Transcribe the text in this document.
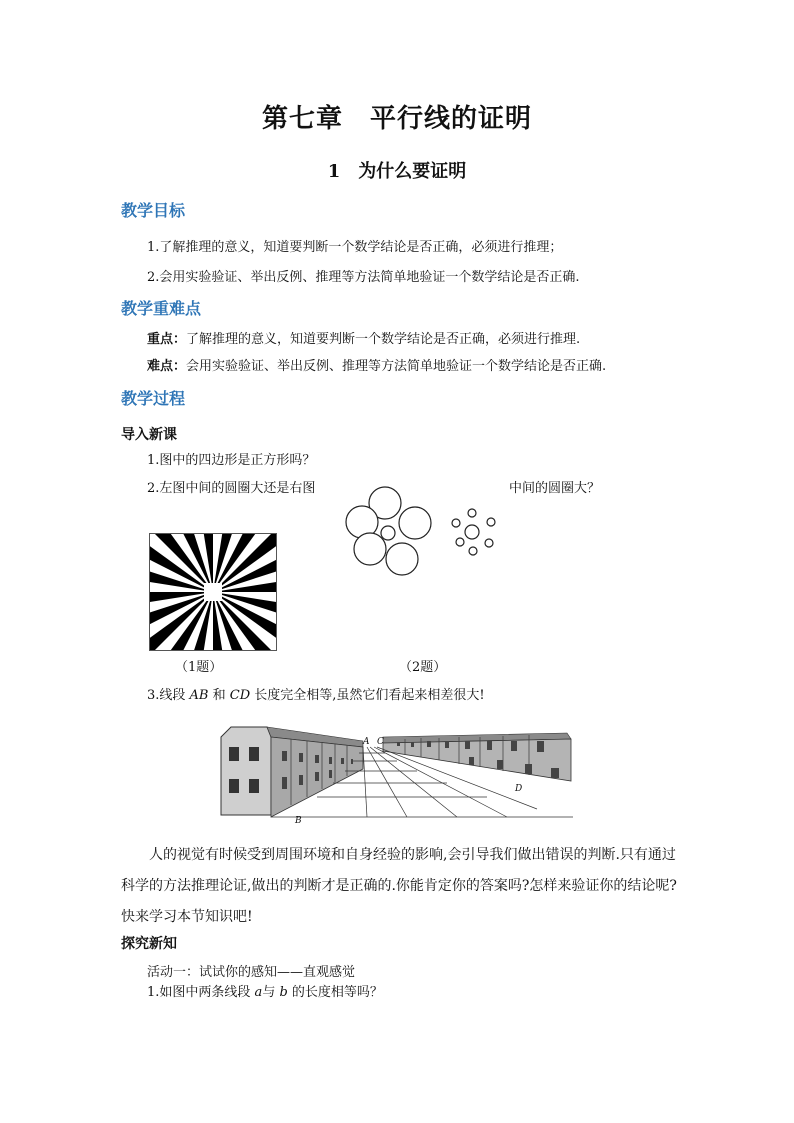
第七章　平行线的证明
1　为什么要证明
教学目标
1.了解推理的意义，知道要判断一个数学结论是否正确，必须进行推理；
2.会用实验验证、举出反例、推理等方法简单地验证一个数学结论是否正确.
教学重难点
重点：了解推理的意义，知道要判断一个数学结论是否正确，必须进行推理.
难点：会用实验验证、举出反例、推理等方法简单地验证一个数学结论是否正确.
教学过程
导入新课
1.图中的四边形是正方形吗？
2.左图中间的圆圈大还是右图	中间的圆圈大？
（1题）	（2题）
3.线段 AB 和 CD 长度完全相等,虽然它们看起来相差很大!
A C
D
B
人的视觉有时候受到周围环境和自身经验的影响,会引导我们做出错误的判断.只有通过科学的方法推理论证,做出的判断才是正确的.你能肯定你的答案吗?怎样来验证你的结论呢?快来学习本节知识吧!
探究新知
活动一：试试你的感知——直观感觉
1.如图中两条线段 a与 b 的长度相等吗？
